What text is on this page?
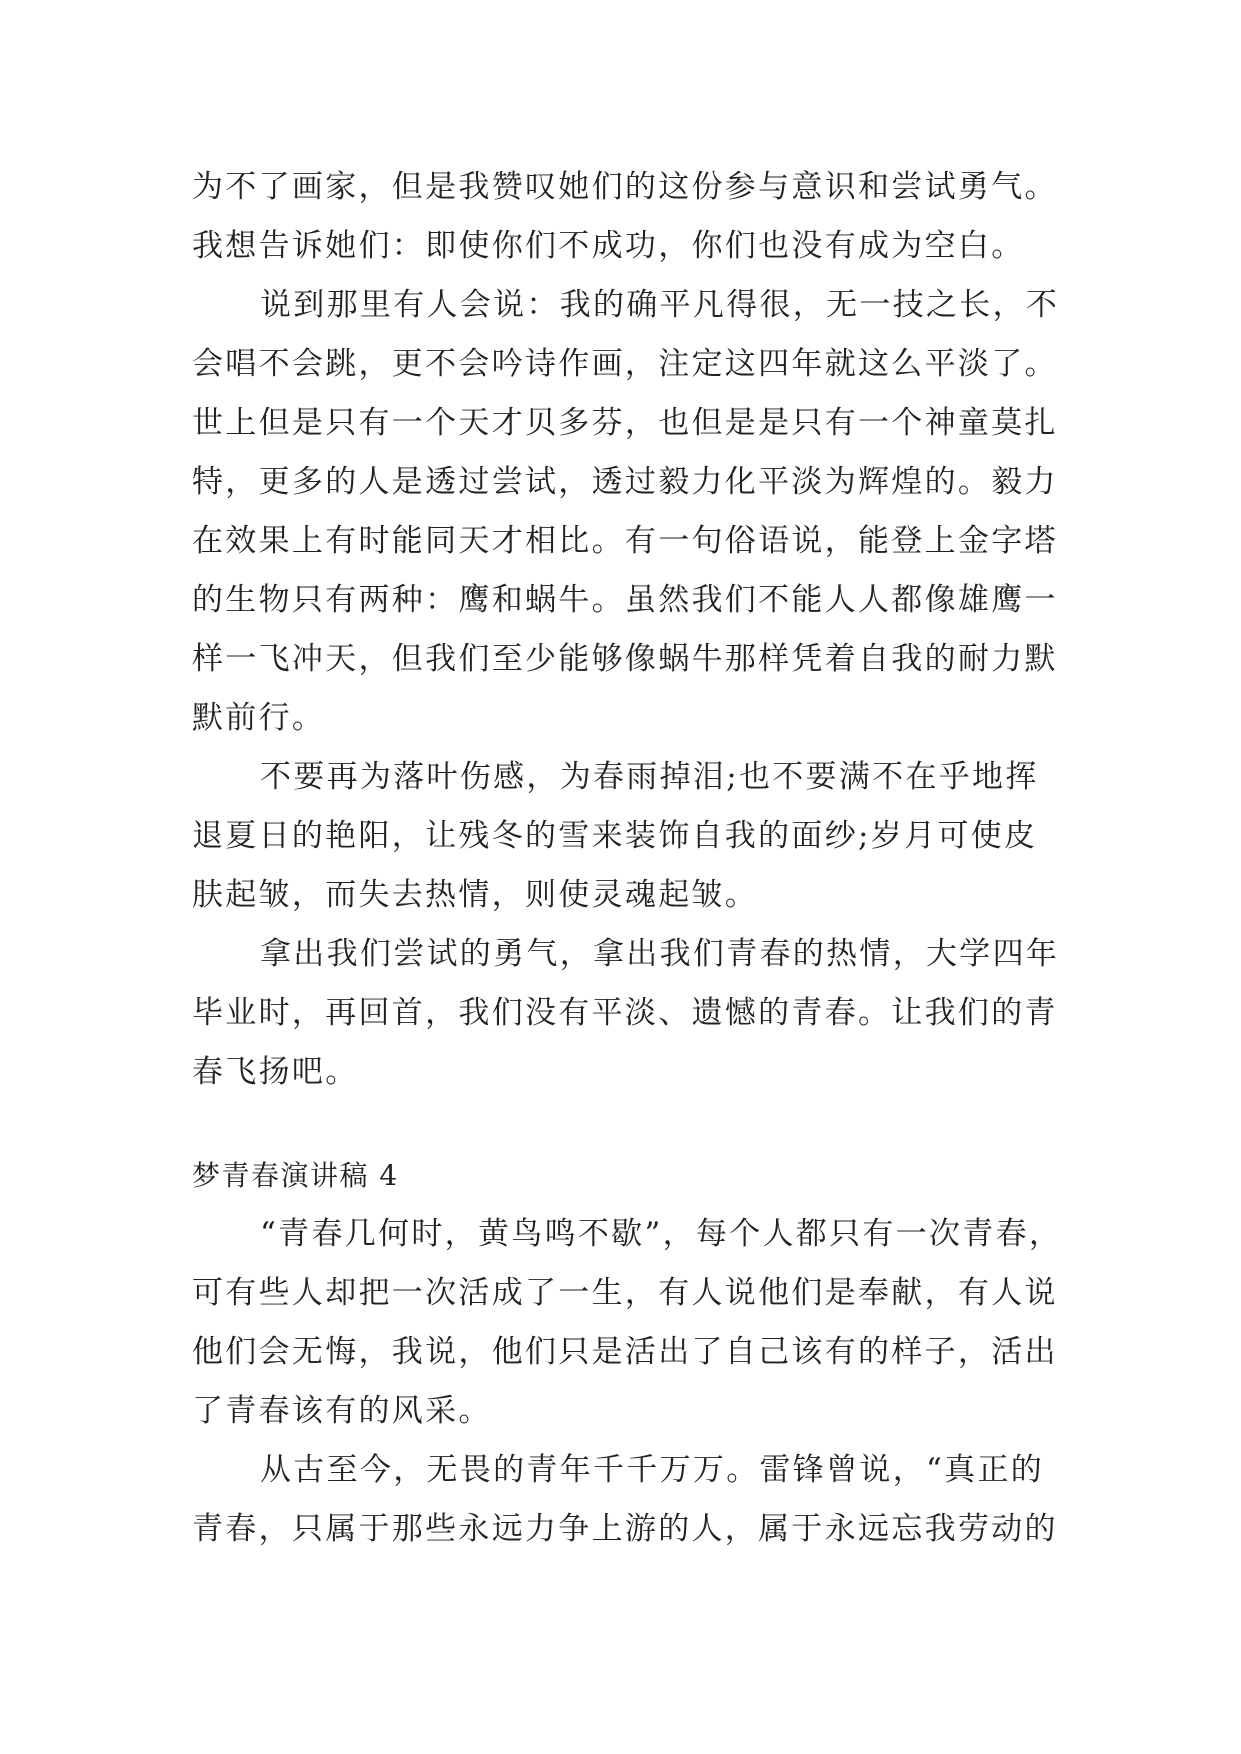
为不了画家，但是我赞叹她们的这份参与意识和尝试勇气。
我想告诉她们：即使你们不成功，你们也没有成为空白。
说到那里有人会说：我的确平凡得很，无一技之长，不
会唱不会跳，更不会吟诗作画，注定这四年就这么平淡了。
世上但是只有一个天才贝多芬，也但是是只有一个神童莫扎
特，更多的人是透过尝试，透过毅力化平淡为辉煌的。毅力
在效果上有时能同天才相比。有一句俗语说，能登上金字塔
的生物只有两种：鹰和蜗牛。虽然我们不能人人都像雄鹰一
样一飞冲天，但我们至少能够像蜗牛那样凭着自我的耐力默
默前行。
不要再为落叶伤感，为春雨掉泪;也不要满不在乎地挥
退夏日的艳阳，让残冬的雪来装饰自我的面纱;岁月可使皮
肤起皱，而失去热情，则使灵魂起皱。
拿出我们尝试的勇气，拿出我们青春的热情，大学四年
毕业时，再回首，我们没有平淡、遗憾的青春。让我们的青
春飞扬吧。
梦青春演讲稿 4
“青春几何时，黄鸟鸣不歇”，每个人都只有一次青春，
可有些人却把一次活成了一生，有人说他们是奉献，有人说
他们会无悔，我说，他们只是活出了自己该有的样子，活出
了青春该有的风采。
从古至今，无畏的青年千千万万。雷锋曾说，“真正的
青春，只属于那些永远力争上游的人，属于永远忘我劳动的
